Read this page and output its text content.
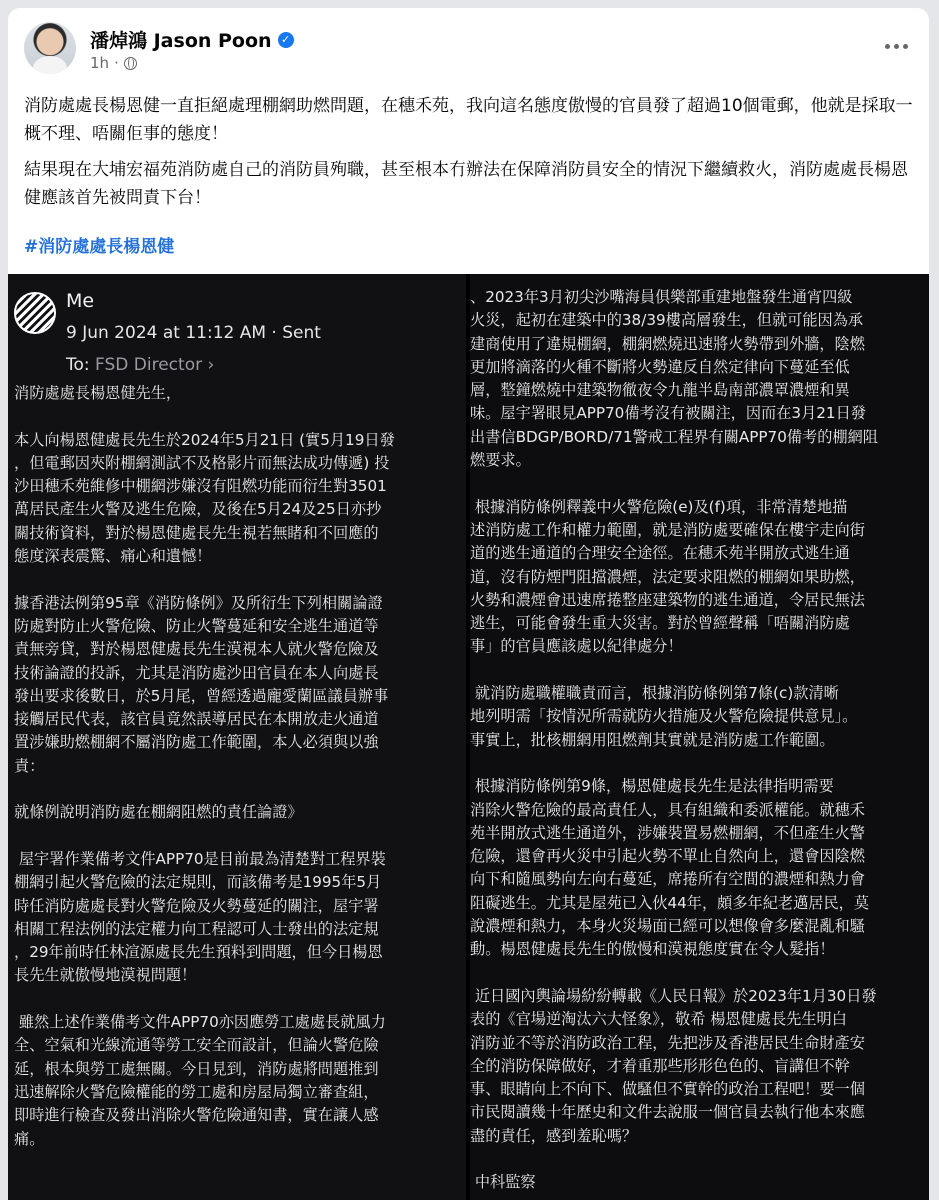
潘焯鴻 Jason Poon ✓
1h ·

消防處處長楊恩健一直拒絕處理棚網助燃問題，在穗禾苑，我向這名態度傲慢的官員發了超過10個電郵，他就是採取一概不理、唔關佢事的態度！

結果現在大埔宏福苑消防處自己的消防員殉職，甚至根本冇辦法在保障消防員安全的情況下繼續救火，消防處處長楊恩健應該首先被問責下台！

#消防處處長楊恩健
Me
9 Jun 2024 at 11:12 AM · Sent
To: FSD Director ›
消防處處長楊恩健先生，

本人向楊恩健處長先生於2024年5月21日 (實5月19日發
，但電郵因夾附棚網測試不及格影片而無法成功傳遞) 投
沙田穗禾苑維修中棚網涉嫌沒有阻燃功能而衍生對3501
萬居民產生火警及逃生危險，及後在5月24及25日亦抄
關技術資料，對於楊恩健處長先生視若無睹和不回應的
態度深表震驚、痛心和遺憾！

據香港法例第95章《消防條例》及所衍生下列相關論證
防處對防止火警危險、防止火警蔓延和安全逃生通道等
責無旁貸，對於楊恩健處長先生漠視本人就火警危險及
技術論證的投訴，尤其是消防處沙田官員在本人向處長
發出要求後數日，於5月尾，曾經透過龐愛蘭區議員辦事
接觸居民代表，該官員竟然誤導居民在本開放走火通道
置涉嫌助燃棚網不屬消防處工作範圍，本人必須與以強
責：

就條例說明消防處在棚網阻燃的責任論證》

屋宇署作業備考文件APP70是目前最為清楚對工程界裝
棚網引起火警危險的法定規則，而該備考是1995年5月
時任消防處處長對火警危險及火勢蔓延的關注，屋宇署
相關工程法例的法定權力向工程認可人士發出的法定規
，29年前時任林渲源處長先生預料到問題，但今日楊恩
長先生就傲慢地漠視問題！

雖然上述作業備考文件APP70亦因應勞工處處長就風力
全、空氣和光線流通等勞工安全而設計，但論火警危險
延，根本與勞工處無關。今日見到，消防處將問題推到
迅速解除火警危險權能的勞工處和房屋局獨立審查組，
即時進行檢查及發出消除火警危險通知書，實在讓人感
痛。
、2023年3月初尖沙嘴海員俱樂部重建地盤發生通宵四級
火災，起初在建築中的38/39樓高層發生，但就可能因為承
建商使用了違規棚網，棚網燃燒迅速將火勢帶到外牆，陰燃
更加將滴落的火種不斷將火勢違反自然定律向下蔓延至低
層，整鐘燃燒中建築物徹夜令九龍半島南部濃罩濃煙和異
味。屋宇署眼見APP70備考沒有被關注，因而在3月21日發
出書信BDGP/BORD/71警戒工程界有關APP70備考的棚網阻
燃要求。

根據消防條例釋義中火警危險(e)及(f)項，非常清楚地描
述消防處工作和權力範圍，就是消防處要確保在樓宇走向街
道的逃生通道的合理安全途徑。在穗禾苑半開放式逃生通
道，沒有防煙門阻擋濃煙，法定要求阻燃的棚網如果助燃，
火勢和濃煙會迅速席捲整座建築物的逃生通道，令居民無法
逃生，可能會發生重大災害。對於曾經聲稱「唔關消防處
事」的官員應該處以紀律處分！

就消防處職權職責而言，根據消防條例第7條(c)款清晰
地列明需「按情況所需就防火措施及火警危險提供意見」。
事實上，批核棚網用阻燃劑其實就是消防處工作範圍。

根據消防條例第9條，楊恩健處長先生是法律指明需要
消除火警危險的最高責任人，具有組織和委派權能。就穗禾
苑半開放式逃生通道外，涉嫌裝置易燃棚網，不但產生火警
危險，還會再火災中引起火勢不單止自然向上，還會因陰燃
向下和隨風勢向左向右蔓延，席捲所有空間的濃煙和熱力會
阻礙逃生。尤其是屋苑已入伙44年，頗多年紀老邁居民，莫
說濃煙和熱力，本身火災場面已經可以想像會多麼混亂和騷
動。楊恩健處長先生的傲慢和漠視態度實在令人髮指！

近日國內輿論場紛紛轉載《人民日報》於2023年1月30日發
表的《官場逆淘汰六大怪象》，敬希 楊恩健處長先生明白
消防並不等於消防政治工程，先把涉及香港居民生命財產安
全的消防保障做好，才着重那些形形色色的、盲講但不幹
事、眼睛向上不向下、做騷但不實幹的政治工程吧！要一個
市民閱讀幾十年歷史和文件去說服一個官員去執行他本來應
盡的責任，感到羞恥嗎？

中科監察
